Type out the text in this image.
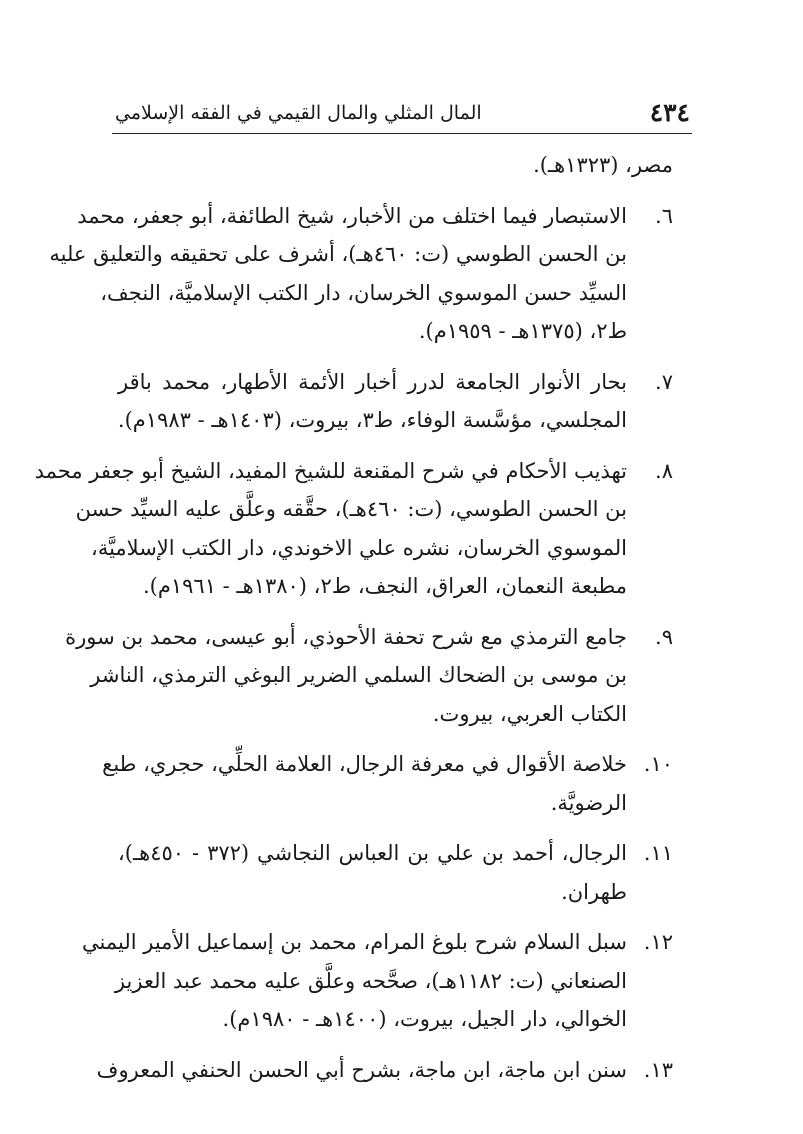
٤٣٤
المال المثلي والمال القيمي في الفقه الإسلامي
مصر، (١٣٢٣هـ).
٦.
الاستبصار فيما اختلف من الأخبار، شيخ الطائفة، أبو جعفر، محمد
بن الحسن الطوسي (ت: ٤٦٠هـ)، أشرف على تحقيقه والتعليق عليه
السيِّد حسن الموسوي الخرسان، دار الكتب الإسلاميَّة، النجف،
ط٢، (١٣٧٥هـ - ١٩٥٩م).
٧.
بحار الأنوار الجامعة لدرر أخبار الأئمة الأطهار، محمد باقر
المجلسي، مؤسَّسة الوفاء، ط٣، بيروت، (١٤٠٣هـ - ١٩٨٣م).
٨.
تهذيب الأحكام في شرح المقنعة للشيخ المفيد، الشيخ أبو جعفر محمد
بن الحسن الطوسي، (ت: ٤٦٠هـ)، حقَّقه وعلَّق عليه السيِّد حسن
الموسوي الخرسان، نشره علي الاخوندي، دار الكتب الإسلاميَّة،
مطبعة النعمان، العراق، النجف، ط٢، (١٣٨٠هـ - ١٩٦١م).
٩.
جامع الترمذي مع شرح تحفة الأحوذي، أبو عيسى، محمد بن سورة
بن موسى بن الضحاك السلمي الضرير البوغي الترمذي، الناشر
الكتاب العربي، بيروت.
١٠.
خلاصة الأقوال في معرفة الرجال، العلامة الحلِّي، حجري، طبع
الرضويَّة.
١١.
الرجال، أحمد بن علي بن العباس النجاشي (٣٧٢ - ٤٥٠هـ)،
طهران.
١٢.
سبل السلام شرح بلوغ المرام، محمد بن إسماعيل الأمير اليمني
الصنعاني (ت: ١١٨٢هـ)، صحَّحه وعلَّق عليه محمد عبد العزيز
الخوالي، دار الجيل، بيروت، (١٤٠٠هـ - ١٩٨٠م).
١٣.
سنن ابن ماجة، ابن ماجة، بشرح أبي الحسن الحنفي المعروف
